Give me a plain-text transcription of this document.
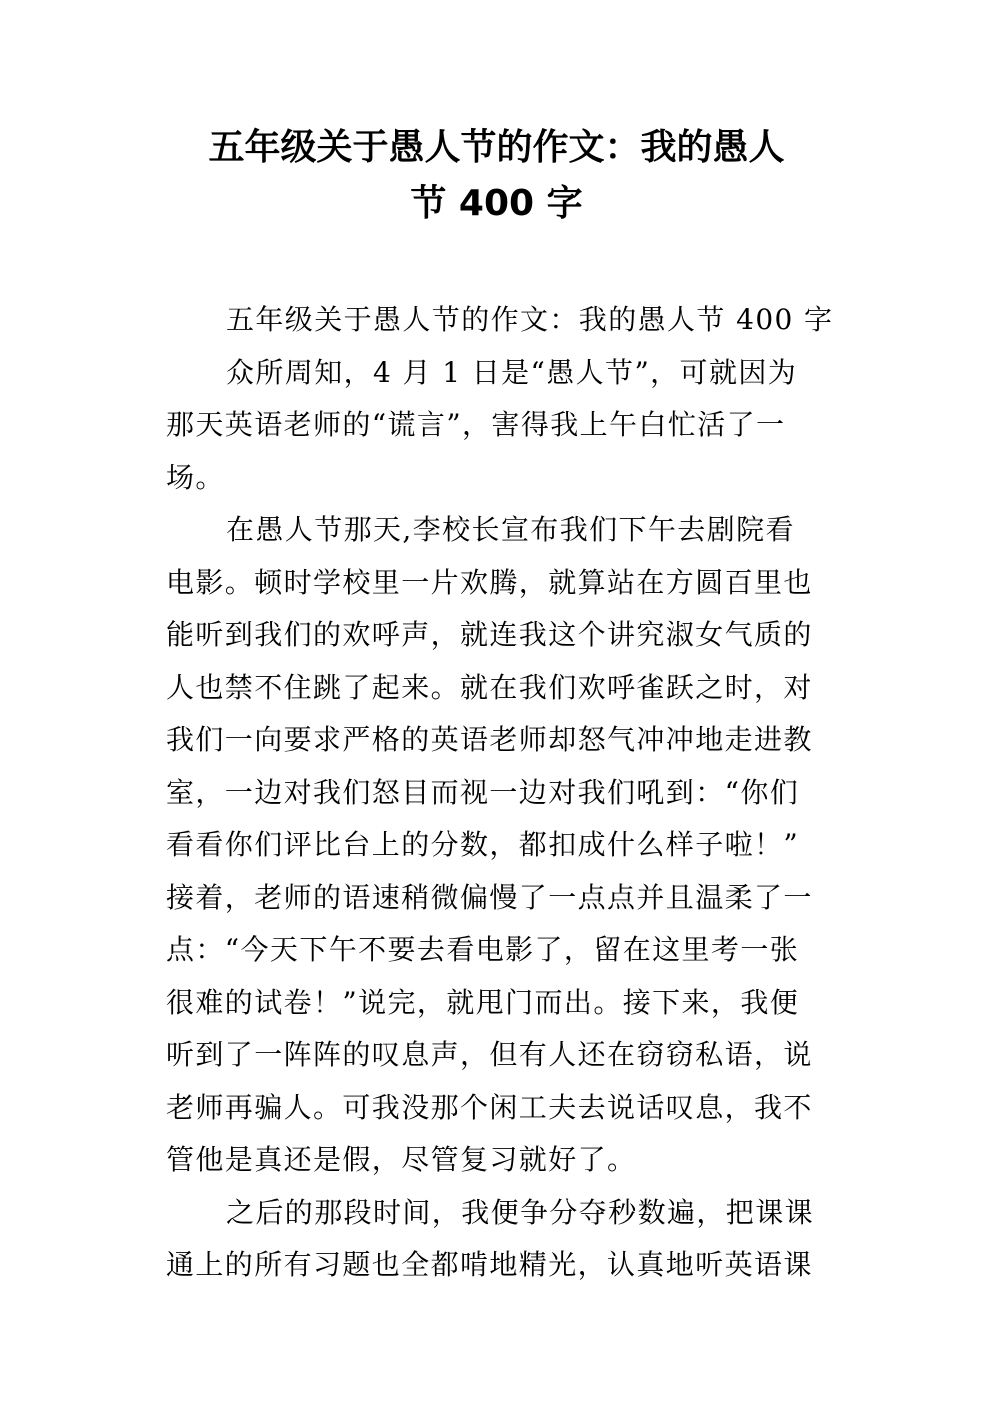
五年级关于愚人节的作文：我的愚人
节 400 字
五年级关于愚人节的作文：我的愚人节 400 字
众所周知，4 月 1 日是“愚人节”，可就因为
那天英语老师的“谎言”，害得我上午白忙活了一
场。
在愚人节那天,李校长宣布我们下午去剧院看
电影。顿时学校里一片欢腾，就算站在方圆百里也
能听到我们的欢呼声，就连我这个讲究淑女气质的
人也禁不住跳了起来。就在我们欢呼雀跃之时，对
我们一向要求严格的英语老师却怒气冲冲地走进教
室，一边对我们怒目而视一边对我们吼到：“你们
看看你们评比台上的分数，都扣成什么样子啦！”
接着，老师的语速稍微偏慢了一点点并且温柔了一
点：“今天下午不要去看电影了，留在这里考一张
很难的试卷！”说完，就甩门而出。接下来，我便
听到了一阵阵的叹息声，但有人还在窃窃私语，说
老师再骗人。可我没那个闲工夫去说话叹息，我不
管他是真还是假，尽管复习就好了。
之后的那段时间，我便争分夺秒数遍，把课课
通上的所有习题也全都啃地精光，认真地听英语课
